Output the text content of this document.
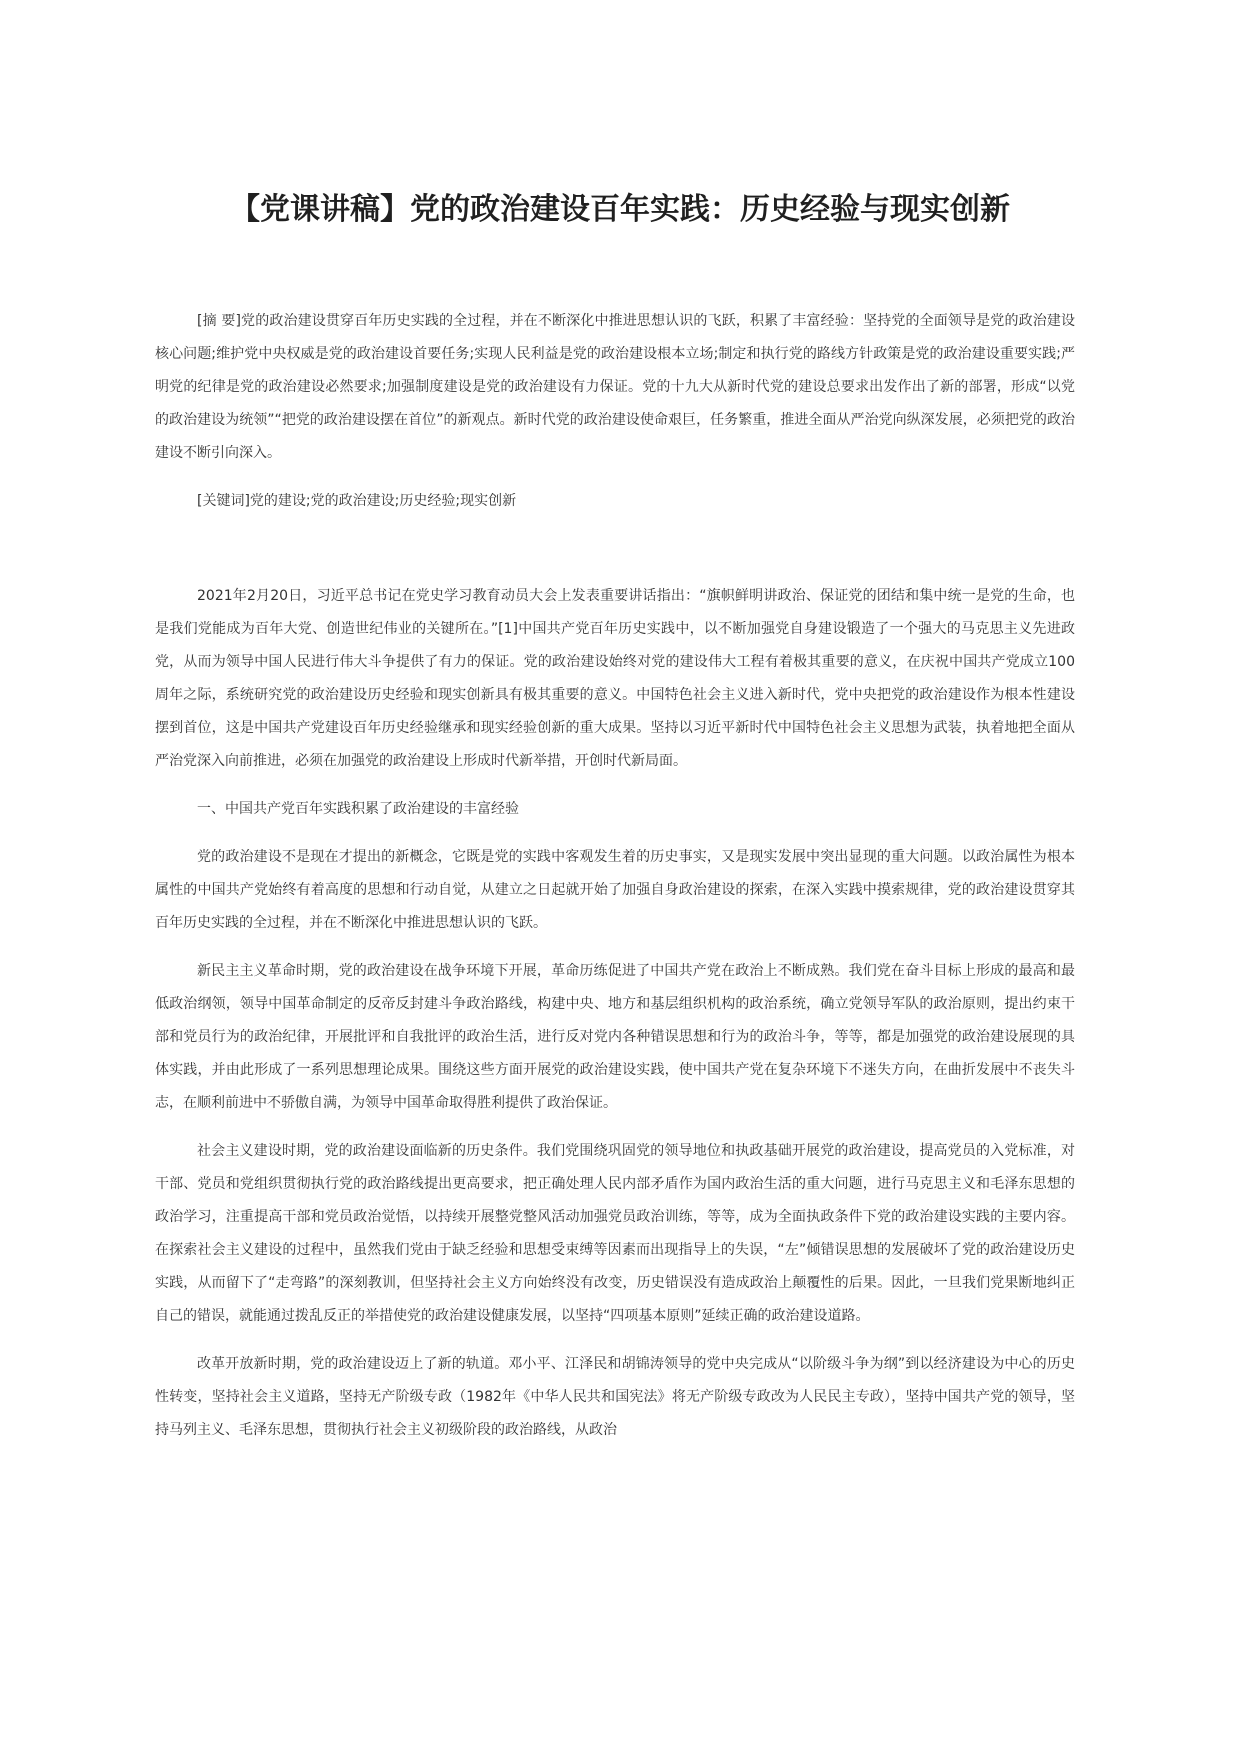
【党课讲稿】党的政治建设百年实践：历史经验与现实创新

[摘 要]党的政治建设贯穿百年历史实践的全过程，并在不断深化中推进思想认识的飞跃，积累了丰富经验：坚持党的全面领导是党的政治建设核心问题;维护党中央权威是党的政治建设首要任务;实现人民利益是党的政治建设根本立场;制定和执行党的路线方针政策是党的政治建设重要实践;严明党的纪律是党的政治建设必然要求;加强制度建设是党的政治建设有力保证。党的十九大从新时代党的建设总要求出发作出了新的部署，形成“以党的政治建设为统领”“把党的政治建设摆在首位”的新观点。新时代党的政治建设使命艰巨，任务繁重，推进全面从严治党向纵深发展，必须把党的政治建设不断引向深入。

[关键词]党的建设;党的政治建设;历史经验;现实创新

2021年2月20日，习近平总书记在党史学习教育动员大会上发表重要讲话指出：“旗帜鲜明讲政治、保证党的团结和集中统一是党的生命，也是我们党能成为百年大党、创造世纪伟业的关键所在。”[1]中国共产党百年历史实践中，以不断加强党自身建设锻造了一个强大的马克思主义先进政党，从而为领导中国人民进行伟大斗争提供了有力的保证。党的政治建设始终对党的建设伟大工程有着极其重要的意义，在庆祝中国共产党成立100周年之际，系统研究党的政治建设历史经验和现实创新具有极其重要的意义。中国特色社会主义进入新时代，党中央把党的政治建设作为根本性建设摆到首位，这是中国共产党建设百年历史经验继承和现实经验创新的重大成果。坚持以习近平新时代中国特色社会主义思想为武装，执着地把全面从严治党深入向前推进，必须在加强党的政治建设上形成时代新举措，开创时代新局面。

一、中国共产党百年实践积累了政治建设的丰富经验

党的政治建设不是现在才提出的新概念，它既是党的实践中客观发生着的历史事实，又是现实发展中突出显现的重大问题。以政治属性为根本属性的中国共产党始终有着高度的思想和行动自觉，从建立之日起就开始了加强自身政治建设的探索，在深入实践中摸索规律，党的政治建设贯穿其百年历史实践的全过程，并在不断深化中推进思想认识的飞跃。

新民主主义革命时期，党的政治建设在战争环境下开展，革命历练促进了中国共产党在政治上不断成熟。我们党在奋斗目标上形成的最高和最低政治纲领，领导中国革命制定的反帝反封建斗争政治路线，构建中央、地方和基层组织机构的政治系统，确立党领导军队的政治原则，提出约束干部和党员行为的政治纪律，开展批评和自我批评的政治生活，进行反对党内各种错误思想和行为的政治斗争，等等，都是加强党的政治建设展现的具体实践，并由此形成了一系列思想理论成果。围绕这些方面开展党的政治建设实践，使中国共产党在复杂环境下不迷失方向，在曲折发展中不丧失斗志，在顺利前进中不骄傲自满，为领导中国革命取得胜利提供了政治保证。

社会主义建设时期，党的政治建设面临新的历史条件。我们党围绕巩固党的领导地位和执政基础开展党的政治建设，提高党员的入党标准，对干部、党员和党组织贯彻执行党的政治路线提出更高要求，把正确处理人民内部矛盾作为国内政治生活的重大问题，进行马克思主义和毛泽东思想的政治学习，注重提高干部和党员政治觉悟，以持续开展整党整风活动加强党员政治训练，等等，成为全面执政条件下党的政治建设实践的主要内容。在探索社会主义建设的过程中，虽然我们党由于缺乏经验和思想受束缚等因素而出现指导上的失误，“左”倾错误思想的发展破坏了党的政治建设历史实践，从而留下了“走弯路”的深刻教训，但坚持社会主义方向始终没有改变，历史错误没有造成政治上颠覆性的后果。因此，一旦我们党果断地纠正自己的错误，就能通过拨乱反正的举措使党的政治建设健康发展，以坚持“四项基本原则”延续正确的政治建设道路。

改革开放新时期，党的政治建设迈上了新的轨道。邓小平、江泽民和胡锦涛领导的党中央完成从“以阶级斗争为纲”到以经济建设为中心的历史性转变，坚持社会主义道路，坚持无产阶级专政（1982年《中华人民共和国宪法》将无产阶级专政改为人民民主专政），坚持中国共产党的领导，坚持马列主义、毛泽东思想，贯彻执行社会主义初级阶段的政治路线，从政治
